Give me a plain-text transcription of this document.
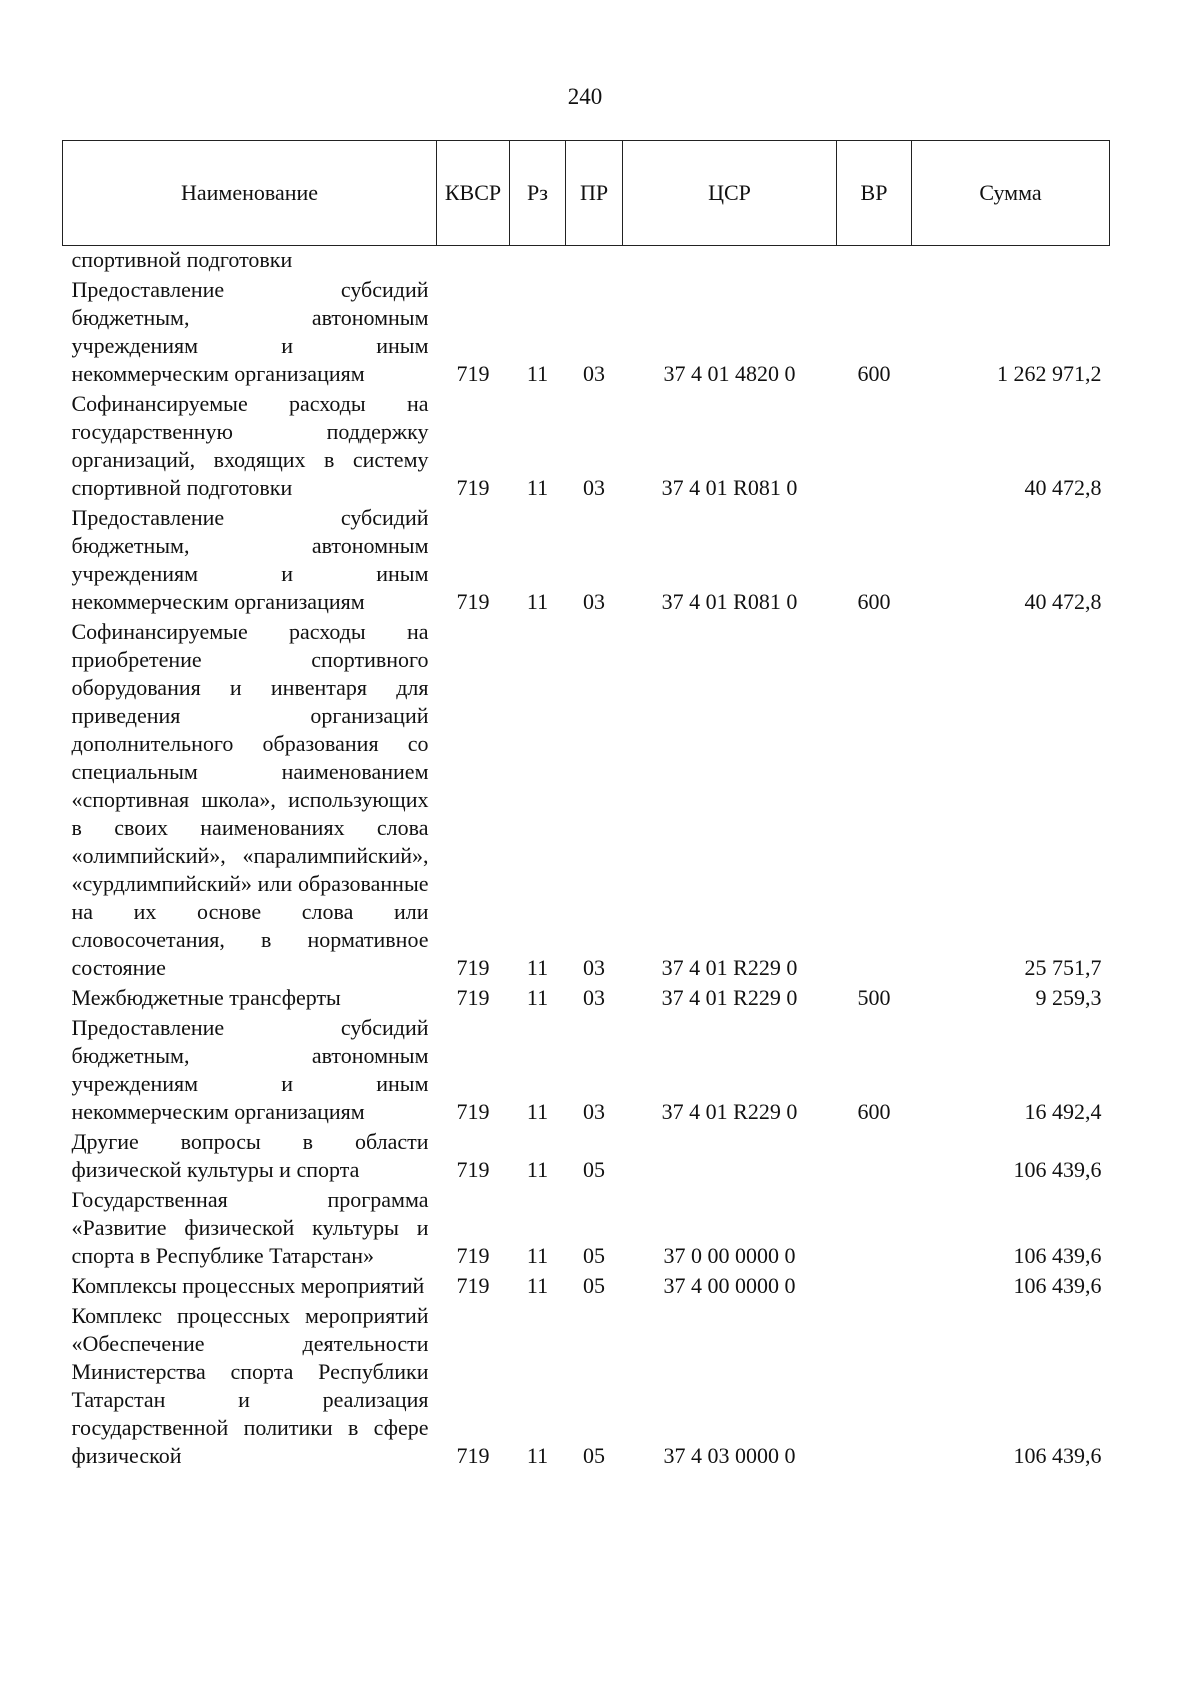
240
Наименование	КВСР	Рз	ПР	ЦСР	ВР	Сумма
спортивной подготовки						
Предоставление субсидий бюджетным, автономным учреждениям и иным некоммерческим организациям	719	11	03	37 4 01 4820 0	600	1 262 971,2
Софинансируемые расходы на государственную поддержку организаций, входящих в систему спортивной подготовки	719	11	03	37 4 01 R081 0		40 472,8
Предоставление субсидий бюджетным, автономным учреждениям и иным некоммерческим организациям	719	11	03	37 4 01 R081 0	600	40 472,8
Софинансируемые расходы на приобретение спортивного оборудования и инвентаря для приведения организаций дополнительного образования со специальным наименованием «спортивная школа», использующих в своих наименованиях слова «олимпийский», «паралимпийский», «сурдлимпийский» или образованные на их основе слова или словосочетания, в нормативное состояние	719	11	03	37 4 01 R229 0		25 751,7
Межбюджетные трансферты	719	11	03	37 4 01 R229 0	500	9 259,3
Предоставление субсидий бюджетным, автономным учреждениям и иным некоммерческим организациям	719	11	03	37 4 01 R229 0	600	16 492,4
Другие вопросы в области физической культуры и спорта	719	11	05			106 439,6
Государственная программа «Развитие физической культуры и спорта в Республике Татарстан»	719	11	05	37 0 00 0000 0		106 439,6
Комплексы процессных мероприятий	719	11	05	37 4 00 0000 0		106 439,6
Комплекс процессных мероприятий «Обеспечение деятельности Министерства спорта Республики Татарстан и реализация государственной политики в сфере физической	719	11	05	37 4 03 0000 0		106 439,6
